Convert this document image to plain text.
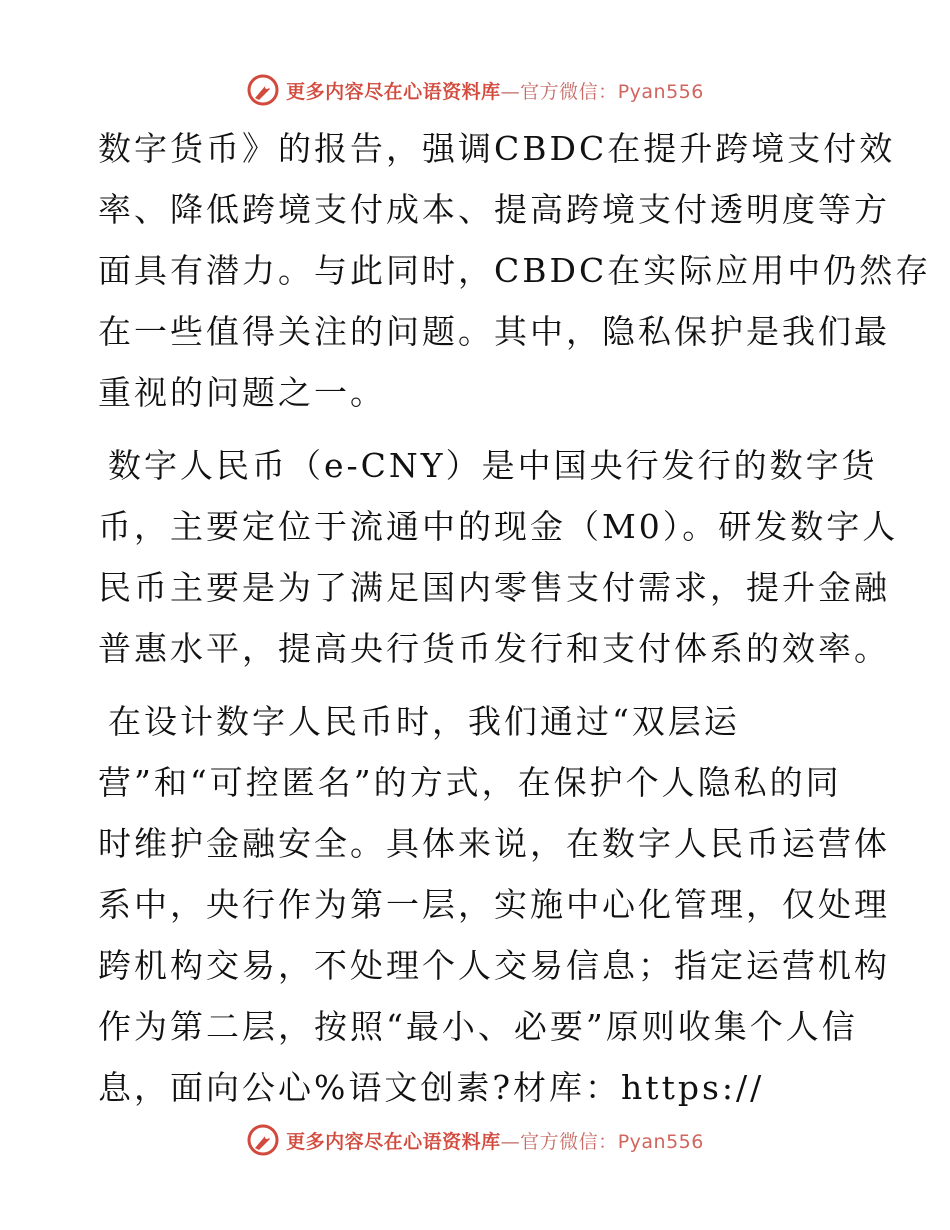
更多内容尽在心语资料库—官方微信：Pyan556

数字货币》的报告，强调CBDC在提升跨境支付效
率、降低跨境支付成本、提高跨境支付透明度等方
面具有潜力。与此同时，CBDC在实际应用中仍然存
在一些值得关注的问题。其中，隐私保护是我们最
重视的问题之一。

数字人民币（e-CNY）是中国央行发行的数字货
币，主要定位于流通中的现金（M0）。研发数字人
民币主要是为了满足国内零售支付需求，提升金融
普惠水平，提高央行货币发行和支付体系的效率。

在设计数字人民币时，我们通过“双层运
营”和“可控匿名”的方式，在保护个人隐私的同
时维护金融安全。具体来说，在数字人民币运营体
系中，央行作为第一层，实施中心化管理，仅处理
跨机构交易，不处理个人交易信息；指定运营机构
作为第二层，按照“最小、必要”原则收集个人信
息，面向公心%语文创素?材库：https://

更多内容尽在心语资料库—官方微信：Pyan556
